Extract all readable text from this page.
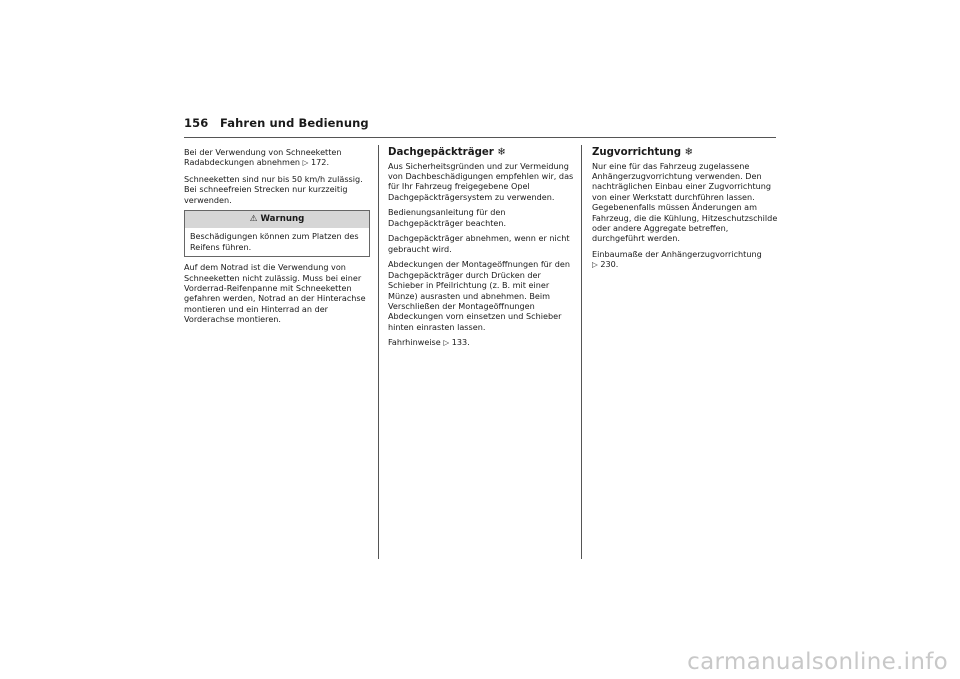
156 Fahren und Bedienung

Bei der Verwendung von Schneeketten Radabdeckungen abnehmen ▷ 172.

Schneeketten sind nur bis 50 km/h zulässig. Bei schneefreien Strecken nur kurzzeitig verwenden.

⚠ Warnung
Beschädigungen können zum Platzen des Reifens führen.

Auf dem Notrad ist die Verwendung von Schneeketten nicht zulässig. Muss bei einer Vorderrad-Reifenpanne mit Schneeketten gefahren werden, Notrad an der Hinterachse montieren und ein Hinterrad an der Vorderachse montieren.

Dachgepäckträger ❄

Aus Sicherheitsgründen und zur Vermeidung von Dachbeschädigungen empfehlen wir, das für Ihr Fahrzeug freigegebene Opel Dachgepäckträgersystem zu verwenden.

Bedienungsanleitung für den Dachgepäckträger beachten.

Dachgepäckträger abnehmen, wenn er nicht gebraucht wird.

Abdeckungen der Montageöffnungen für den Dachgepäckträger durch Drücken der Schieber in Pfeilrichtung (z. B. mit einer Münze) ausrasten und abnehmen. Beim Verschließen der Montageöffnungen Abdeckungen vorn einsetzen und Schieber hinten einrasten lassen.

Fahrhinweise ▷ 133.

Zugvorrichtung ❄

Nur eine für das Fahrzeug zugelassene Anhängerzugvorrichtung verwenden. Den nachträglichen Einbau einer Zugvorrichtung von einer Werkstatt durchführen lassen. Gegebenenfalls müssen Änderungen am Fahrzeug, die die Kühlung, Hitzeschutzschilde oder andere Aggregate betreffen, durchgeführt werden.

Einbaumaße der Anhängerzugvorrichtung
▷ 230.

carmanualsonline.info
